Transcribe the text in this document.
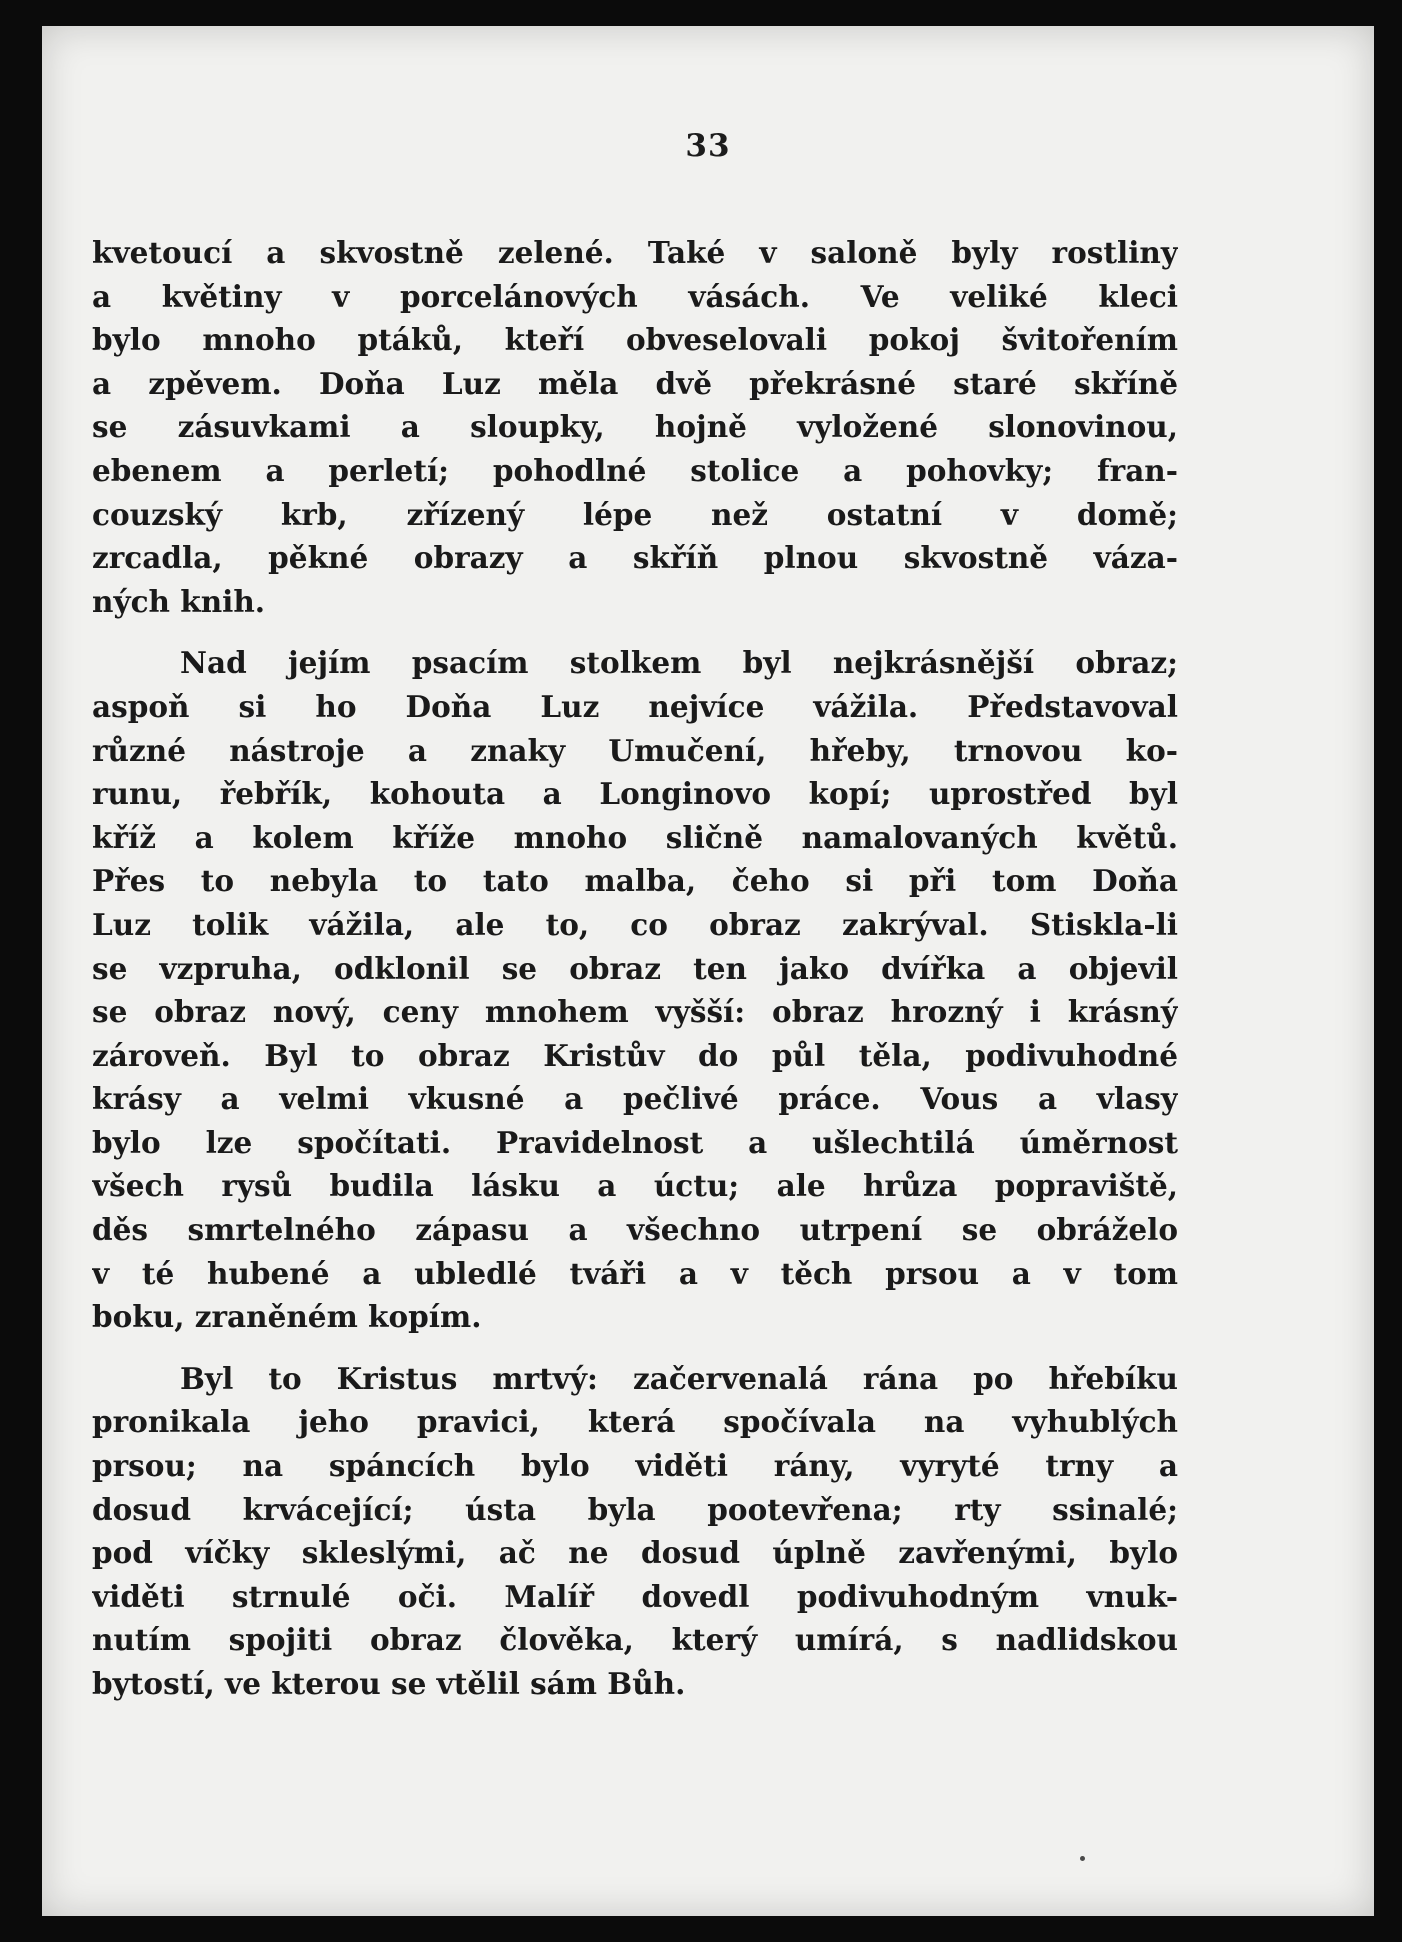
33
kvetoucí a skvostně zelené. Také v saloně byly rostliny
a květiny v porcelánových vásách. Ve veliké kleci
bylo mnoho ptáků, kteří obveselovali pokoj švitořením
a zpěvem. Doňa Luz měla dvě překrásné staré skříně
se zásuvkami a sloupky, hojně vyložené slonovinou,
ebenem a perletí; pohodlné stolice a pohovky; fran-
couzský krb, zřízený lépe než ostatní v domě;
zrcadla, pěkné obrazy a skříň plnou skvostně váza-
ných knih.
Nad jejím psacím stolkem byl nejkrásnější obraz;
aspoň si ho Doňa Luz nejvíce vážila. Představoval
různé nástroje a znaky Umučení, hřeby, trnovou ko-
runu, řebřík, kohouta a Longinovo kopí; uprostřed byl
kříž a kolem kříže mnoho sličně namalovaných květů.
Přes to nebyla to tato malba, čeho si při tom Doňa
Luz tolik vážila, ale to, co obraz zakrýval. Stiskla-li
se vzpruha, odklonil se obraz ten jako dvířka a objevil
se obraz nový, ceny mnohem vyšší: obraz hrozný i krásný
zároveň. Byl to obraz Kristův do půl těla, podivuhodné
krásy a velmi vkusné a pečlivé práce. Vous a vlasy
bylo lze spočítati. Pravidelnost a ušlechtilá úměrnost
všech rysů budila lásku a úctu; ale hrůza popraviště,
děs smrtelného zápasu a všechno utrpení se obráželo
v té hubené a ubledlé tváři a v těch prsou a v tom
boku, zraněném kopím.
Byl to Kristus mrtvý: začervenalá rána po hřebíku
pronikala jeho pravici, která spočívala na vyhublých
prsou; na spáncích bylo viděti rány, vyryté trny a
dosud krvácející; ústa byla pootevřena; rty ssinalé;
pod víčky skleslými, ač ne dosud úplně zavřenými, bylo
viděti strnulé oči. Malíř dovedl podivuhodným vnuk-
nutím spojiti obraz člověka, který umírá, s nadlidskou
bytostí, ve kterou se vtělil sám Bůh.
